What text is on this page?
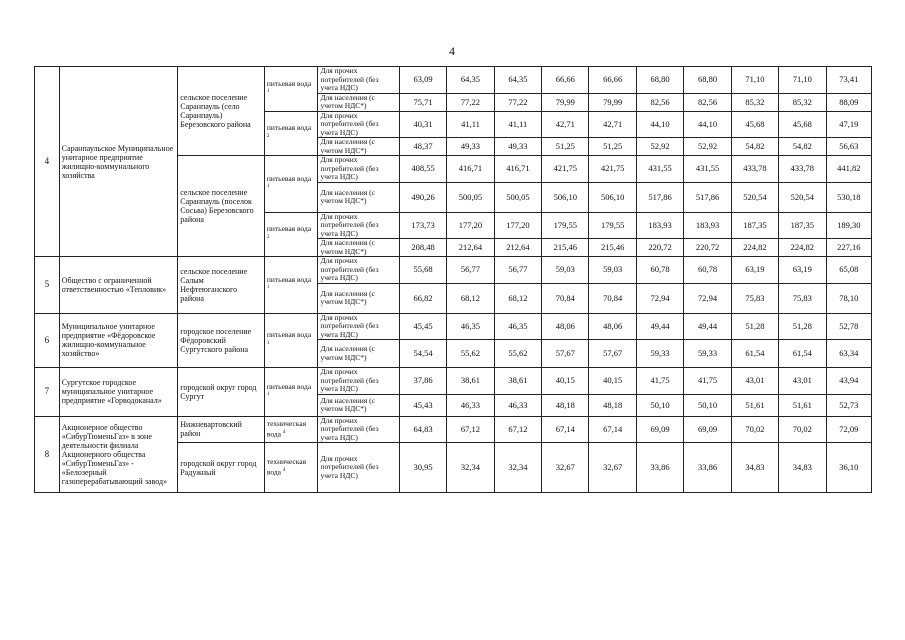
4
4	Саранпаульское Муниципальное унитарное предприятие жилищно-коммунального хозяйства	сельское поселение Саранпауль (село Саранпауль) Березовского района	питьевая вода $^1$	Для прочих потребителей (без учета НДС)	63,09	64,35	64,35	66,66	66,66	68,80	68,80	71,10	71,10	73,41
				Для населения (с учетом НДС*)	75,71	77,22	77,22	79,99	79,99	82,56	82,56	85,32	85,32	88,09
			питьевая вода $^2$	Для прочих потребителей (без учета НДС)	40,31	41,11	41,11	42,71	42,71	44,10	44,10	45,68	45,68	47,19
				Для населения (с учетом НДС*)	48,37	49,33	49,33	51,25	51,25	52,92	52,92	54,82	54,82	56,63
		сельское поселение Саранпауль (поселок Сосьва) Березовского района	питьевая вода $^1$	Для прочих потребителей (без учета НДС)	408,55	416,71	416,71	421,75	421,75	431,55	431,55	433,78	433,78	441,82
				Для населения (с учетом НДС*)	490,26	500,05	500,05	506,10	506,10	517,86	517,86	520,54	520,54	530,18
			питьевая вода $^2$	Для прочих потребителей (без учета НДС)	173,73	177,20	177,20	179,55	179,55	183,93	183,93	187,35	187,35	189,30
				Для населения (с учетом НДС*)	208,48	212,64	212,64	215,46	215,46	220,72	220,72	224,82	224,82	227,16
5	Общество с ограниченной ответственностью «Тепловик»	сельское поселение Салым Нефтеюганского района	питьевая вода $^1$	Для прочих потребителей (без учета НДС)	55,68	56,77	56,77	59,03	59,03	60,78	60,78	63,19	63,19	65,08
				Для населения (с учетом НДС*)	66,82	68,12	68,12	70,84	70,84	72,94	72,94	75,83	75,83	78,10
6	Муниципальное унитарное предприятие «Фёдоровское жилищно-коммунальное хозяйство»	городское поселение Фёдоровский Сургутского района	питьевая вода $^1$	Для прочих потребителей (без учета НДС)	45,45	46,35	46,35	48,06	48,06	49,44	49,44	51,28	51,28	52,78
				Для населения (с учетом НДС*)	54,54	55,62	55,62	57,67	57,67	59,33	59,33	61,54	61,54	63,34
7	Сургутское городское муниципальное унитарное предприятие «Горводоканал»	городской округ город Сургут	питьевая вода $^1$	Для прочих потребителей (без учета НДС)	37,86	38,61	38,61	40,15	40,15	41,75	41,75	43,01	43,01	43,94
				Для населения (с учетом НДС*)	45,43	46,33	46,33	48,18	48,18	50,10	50,10	51,61	51,61	52,73
8	Акционерное общество «СибурТюменьГаз» в зоне деятельности филиала Акционерного общества «СибурТюменьГаз» - «Белозерный газоперерабатывающий завод»	Нижневартовский район	техническая вода $^4$	Для прочих потребителей (без учета НДС)	64,83	67,12	67,12	67,14	67,14	69,09	69,09	70,02	70,02	72,09
		городской округ город Радужный	техническая вода $^4$	Для прочих потребителей (без учета НДС)	30,95	32,34	32,34	32,67	32,67	33,86	33,86	34,83	34,83	36,10
